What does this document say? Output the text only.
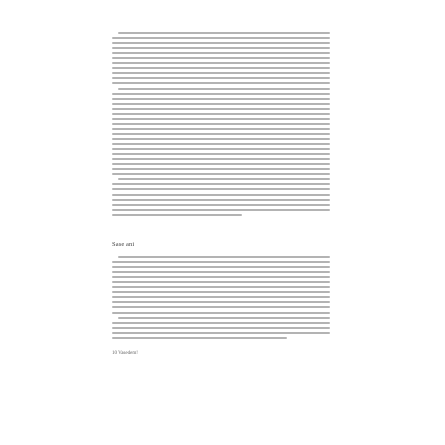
Sase ani
10 Vasedem!
